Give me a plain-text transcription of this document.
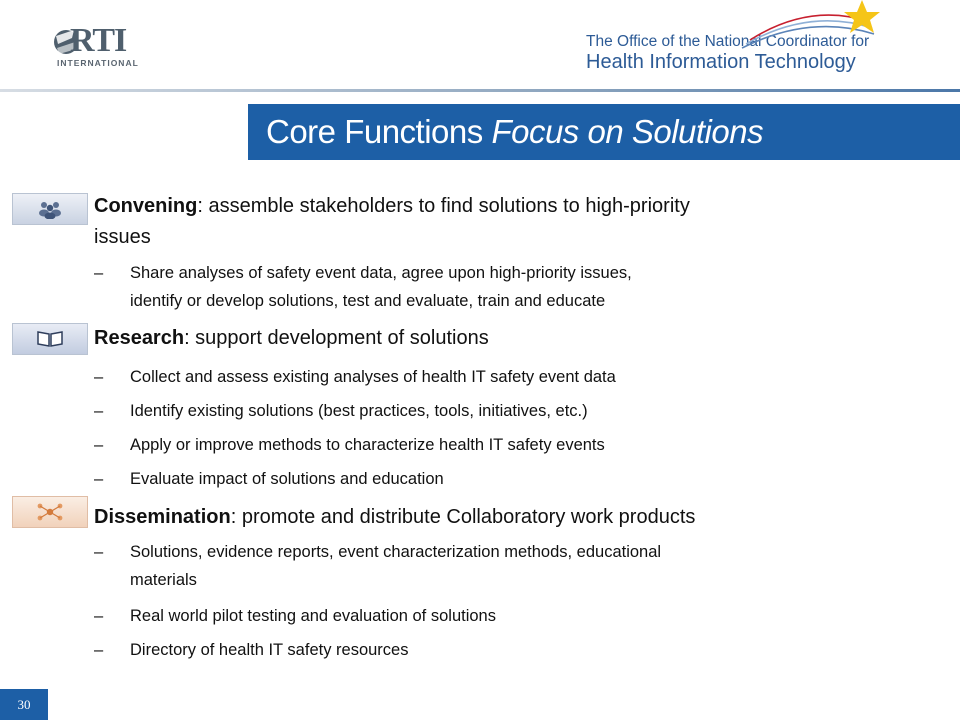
RTI
INTERNATIONAL
The Office of the National Coordinator for
Health Information Technology
Core Functions Focus on Solutions
Convening: assemble stakeholders to find solutions to high-priority
issues
– Share analyses of safety event data, agree upon high-priority issues,
identify or develop solutions, test and evaluate, train and educate
Research: support development of solutions
– Collect and assess existing analyses of health IT safety event data
– Identify existing solutions (best practices, tools, initiatives, etc.)
– Apply or improve methods to characterize health IT safety events
– Evaluate impact of solutions and education
Dissemination: promote and distribute Collaboratory work products
– Solutions, evidence reports, event characterization methods, educational
materials
– Real world pilot testing and evaluation of solutions
– Directory of health IT safety resources
30
